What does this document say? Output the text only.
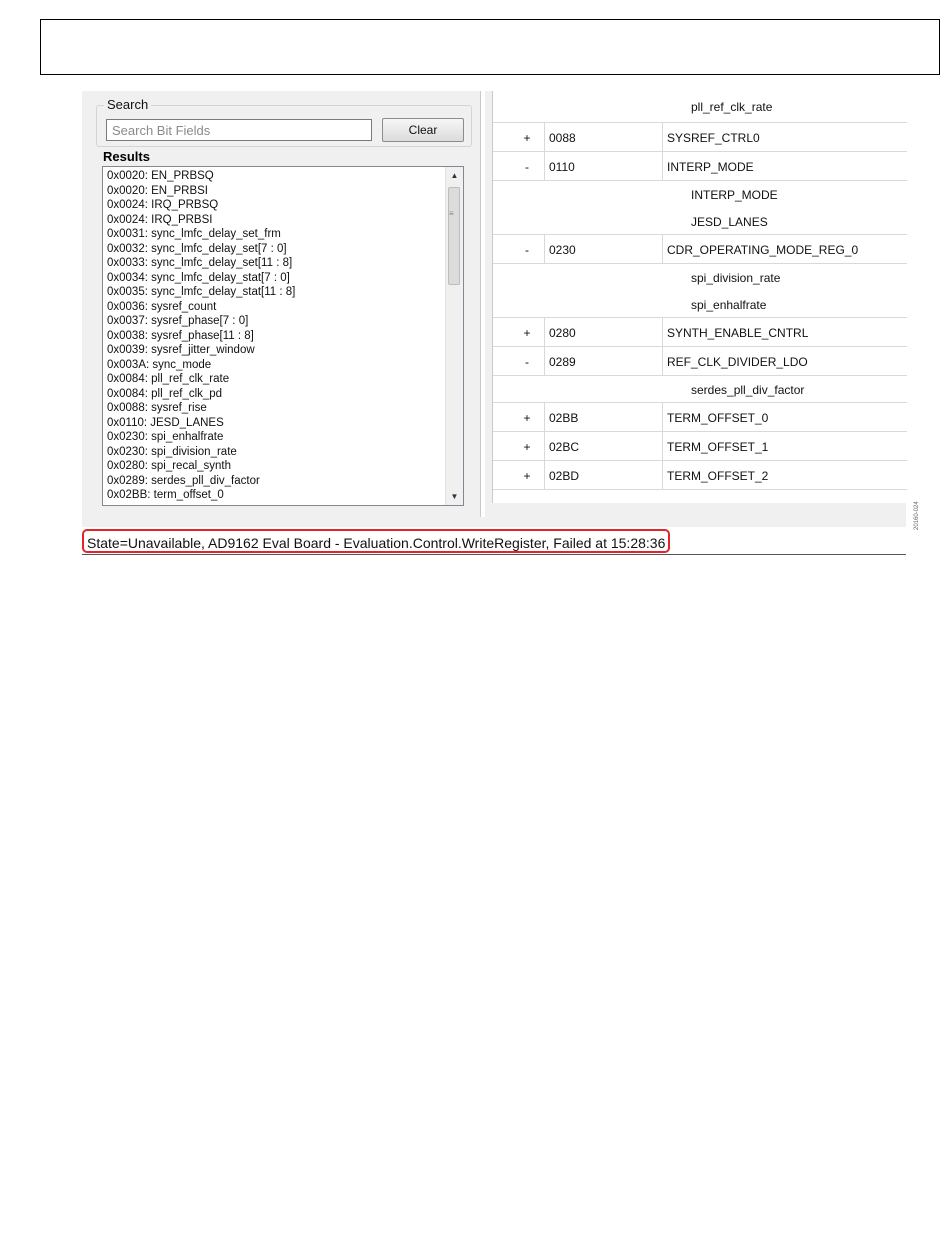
Search
Search Bit Fields
Clear
Results
0x0020: EN_PRBSQ
0x0020: EN_PRBSI
0x0024: IRQ_PRBSQ
0x0024: IRQ_PRBSI
0x0031: sync_lmfc_delay_set_frm
0x0032: sync_lmfc_delay_set[7 : 0]
0x0033: sync_lmfc_delay_set[11 : 8]
0x0034: sync_lmfc_delay_stat[7 : 0]
0x0035: sync_lmfc_delay_stat[11 : 8]
0x0036: sysref_count
0x0037: sysref_phase[7 : 0]
0x0038: sysref_phase[11 : 8]
0x0039: sysref_jitter_window
0x003A: sync_mode
0x0084: pll_ref_clk_rate
0x0084: pll_ref_clk_pd
0x0088: sysref_rise
0x0110: JESD_LANES
0x0230: spi_enhalfrate
0x0230: spi_division_rate
0x0280: spi_recal_synth
0x0289: serdes_pll_div_factor
0x02BB: term_offset_0
▲
≡
▼
pll_ref_clk_rate
+	0088	SYSREF_CTRL0
-	0110	INTERP_MODE
INTERP_MODE
JESD_LANES
-	0230	CDR_OPERATING_MODE_REG_0
spi_division_rate
spi_enhalfrate
+	0280	SYNTH_ENABLE_CNTRL
-	0289	REF_CLK_DIVIDER_LDO
serdes_pll_div_factor
+	02BB	TERM_OFFSET_0
+	02BC	TERM_OFFSET_1
+	02BD	TERM_OFFSET_2
State=Unavailable, AD9162 Eval Board - Evaluation.Control.WriteRegister, Failed at 15:28:36
20160-024
